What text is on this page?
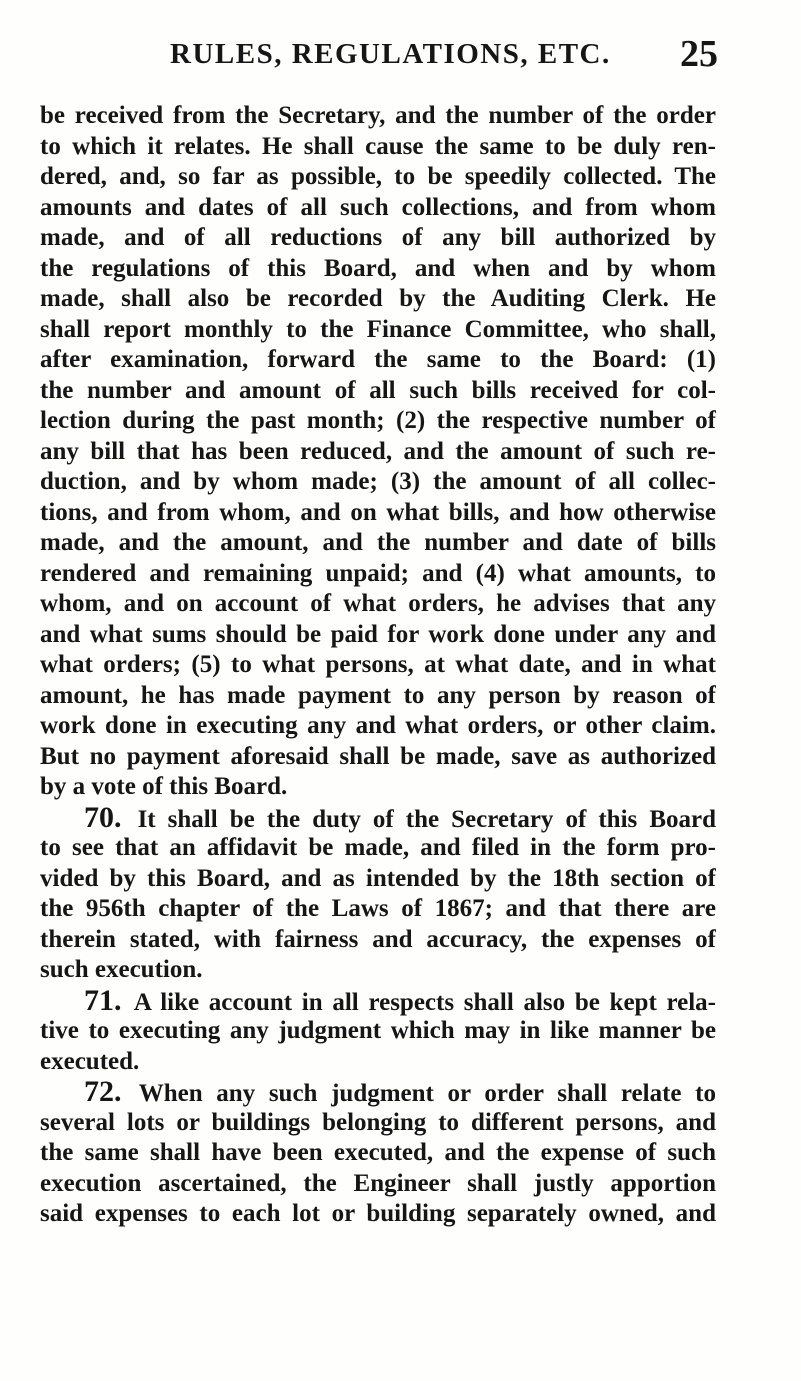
RULES, REGULATIONS, ETC. 25
be received from the Secretary, and the number of the order
to which it relates. He shall cause the same to be duly ren-
dered, and, so far as possible, to be speedily collected. The
amounts and dates of all such collections, and from whom
made, and of all reductions of any bill authorized by
the regulations of this Board, and when and by whom
made, shall also be recorded by the Auditing Clerk. He
shall report monthly to the Finance Committee, who shall,
after examination, forward the same to the Board: (1)
the number and amount of all such bills received for col-
lection during the past month; (2) the respective number of
any bill that has been reduced, and the amount of such re-
duction, and by whom made; (3) the amount of all collec-
tions, and from whom, and on what bills, and how otherwise
made, and the amount, and the number and date of bills
rendered and remaining unpaid; and (4) what amounts, to
whom, and on account of what orders, he advises that any
and what sums should be paid for work done under any and
what orders; (5) to what persons, at what date, and in what
amount, he has made payment to any person by reason of
work done in executing any and what orders, or other claim.
But no payment aforesaid shall be made, save as authorized
by a vote of this Board.
70. It shall be the duty of the Secretary of this Board
to see that an affidavit be made, and filed in the form pro-
vided by this Board, and as intended by the 18th section of
the 956th chapter of the Laws of 1867; and that there are
therein stated, with fairness and accuracy, the expenses of
such execution.
71. A like account in all respects shall also be kept rela-
tive to executing any judgment which may in like manner be
executed.
72. When any such judgment or order shall relate to
several lots or buildings belonging to different persons, and
the same shall have been executed, and the expense of such
execution ascertained, the Engineer shall justly apportion
said expenses to each lot or building separately owned, and
